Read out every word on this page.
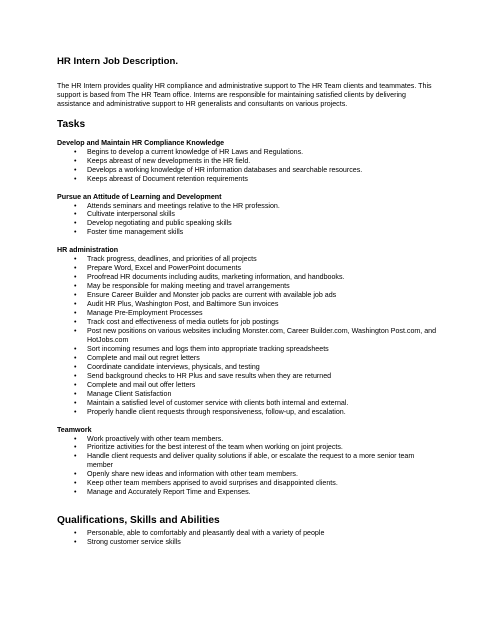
HR Intern Job Description.

The HR Intern provides quality HR compliance and administrative support to The HR Team clients and teammates. This support is based from The HR Team office. Interns are responsible for maintaining satisfied clients by delivering assistance and administrative support to HR generalists and consultants on various projects.

Tasks
Develop and Maintain HR Compliance Knowledge
• Begins to develop a current knowledge of HR Laws and Regulations.
• Keeps abreast of new developments in the HR field.
• Develops a working knowledge of HR information databases and searchable resources.
• Keeps abreast of Document retention requirements
Pursue an Attitude of Learning and Development
• Attends seminars and meetings relative to the HR profession.
• Cultivate interpersonal skills
• Develop negotiating and public speaking skills
• Foster time management skills
HR administration
• Track progress, deadlines, and priorities of all projects
• Prepare Word, Excel and PowerPoint documents
• Proofread HR documents including audits, marketing information, and handbooks.
• May be responsible for making meeting and travel arrangements
• Ensure Career Builder and Monster job packs are current with available job ads
• Audit HR Plus, Washington Post, and Baltimore Sun invoices
• Manage Pre-Employment Processes
• Track cost and effectiveness of media outlets for job postings
• Post new positions on various websites including Monster.com, Career Builder.com, Washington Post.com, and HotJobs.com
• Sort incoming resumes and logs them into appropriate tracking spreadsheets
• Complete and mail out regret letters
• Coordinate candidate interviews, physicals, and testing
• Send background checks to HR Plus and save results when they are returned
• Complete and mail out offer letters
• Manage Client Satisfaction
• Maintain a satisfied level of customer service with clients both internal and external.
• Properly handle client requests through responsiveness, follow-up, and escalation.
Teamwork
• Work proactively with other team members.
• Prioritize activities for the best interest of the team when working on joint projects.
• Handle client requests and deliver quality solutions if able, or escalate the request to a more senior team member
• Openly share new ideas and information with other team members.
• Keep other team members apprised to avoid surprises and disappointed clients.
• Manage and Accurately Report Time and Expenses.
Qualifications, Skills and Abilities
• Personable, able to comfortably and pleasantly deal with a variety of people
• Strong customer service skills
